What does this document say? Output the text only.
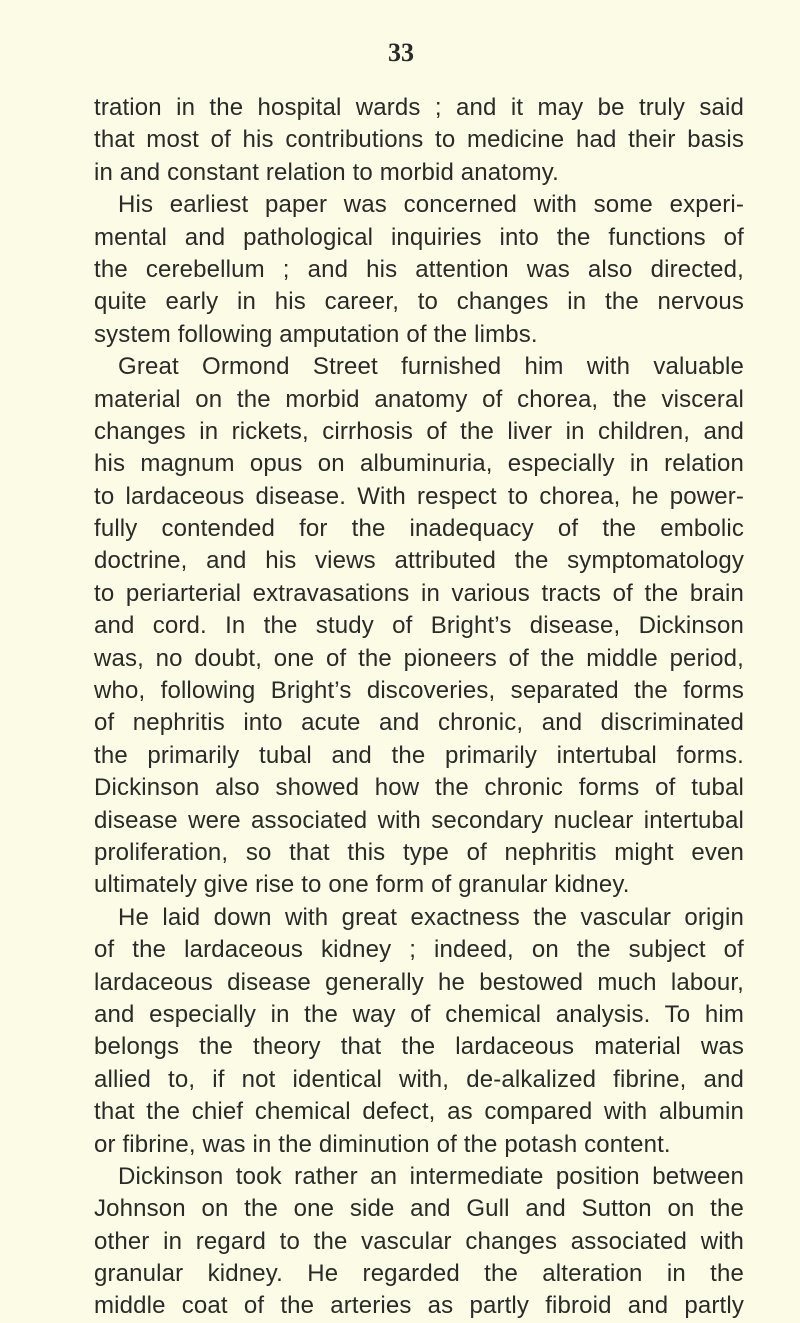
33
tration in the hospital wards ; and it may be truly said
that most of his contributions to medicine had their basis
in and constant relation to morbid anatomy.
His earliest paper was concerned with some experi-
mental and pathological inquiries into the functions of
the cerebellum ; and his attention was also directed,
quite early in his career, to changes in the nervous
system following amputation of the limbs.
Great Ormond Street furnished him with valuable
material on the morbid anatomy of chorea, the visceral
changes in rickets, cirrhosis of the liver in children, and
his magnum opus on albuminuria, especially in relation
to lardaceous disease. With respect to chorea, he power-
fully contended for the inadequacy of the embolic
doctrine, and his views attributed the symptomatology
to periarterial extravasations in various tracts of the brain
and cord. In the study of Bright’s disease, Dickinson
was, no doubt, one of the pioneers of the middle period,
who, following Bright’s discoveries, separated the forms
of nephritis into acute and chronic, and discriminated
the primarily tubal and the primarily intertubal forms.
Dickinson also showed how the chronic forms of tubal
disease were associated with secondary nuclear intertubal
proliferation, so that this type of nephritis might even
ultimately give rise to one form of granular kidney.
He laid down with great exactness the vascular origin
of the lardaceous kidney ; indeed, on the subject of
lardaceous disease generally he bestowed much labour,
and especially in the way of chemical analysis. To him
belongs the theory that the lardaceous material was
allied to, if not identical with, de-alkalized fibrine, and
that the chief chemical defect, as compared with albumin
or fibrine, was in the diminution of the potash content.
Dickinson took rather an intermediate position between
Johnson on the one side and Gull and Sutton on the
other in regard to the vascular changes associated with
granular kidney. He regarded the alteration in the
middle coat of the arteries as partly fibroid and partly
